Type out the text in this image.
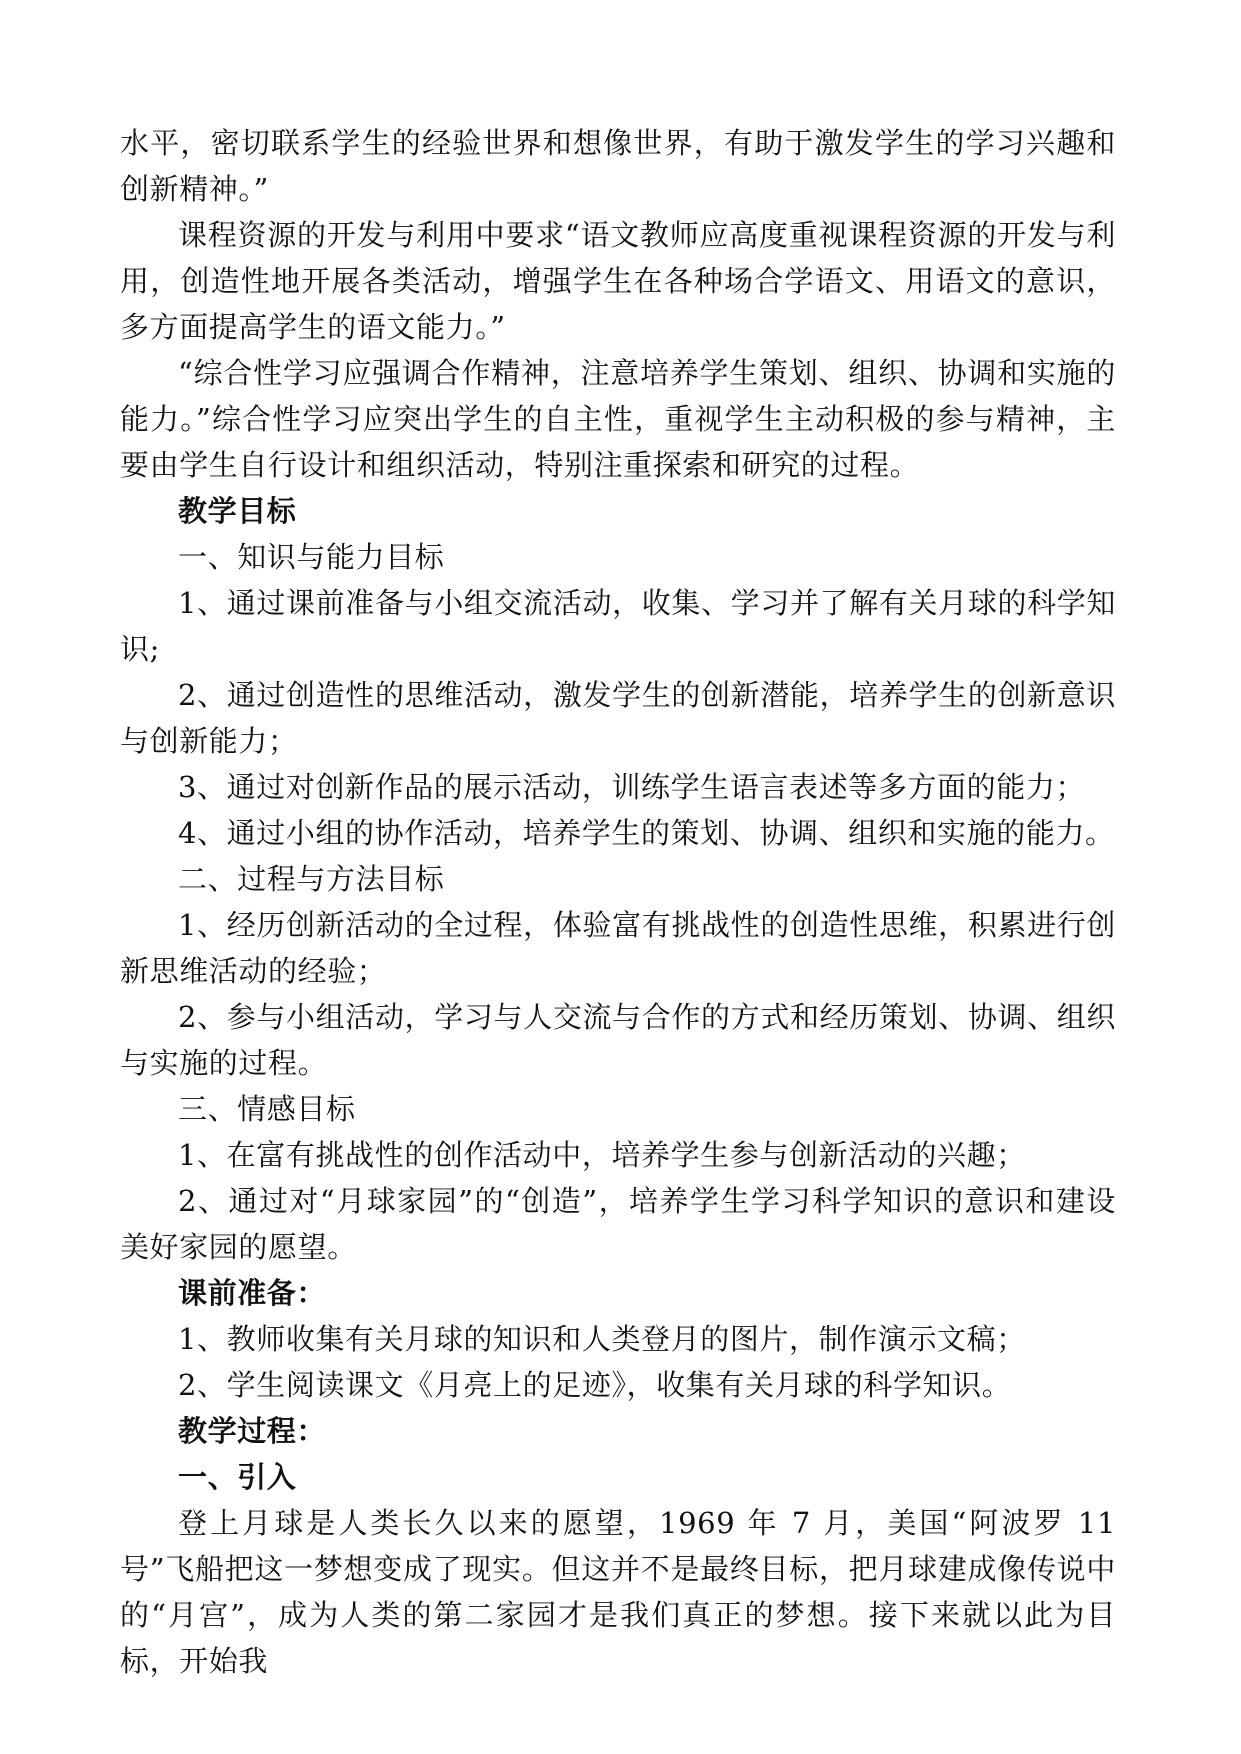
水平，密切联系学生的经验世界和想像世界，有助于激发学生的学习兴趣和创新精神。”

课程资源的开发与利用中要求“语文教师应高度重视课程资源的开发与利用，创造性地开展各类活动，增强学生在各种场合学语文、用语文的意识，多方面提高学生的语文能力。”

“综合性学习应强调合作精神，注意培养学生策划、组织、协调和实施的能力。”综合性学习应突出学生的自主性，重视学生主动积极的参与精神，主要由学生自行设计和组织活动，特别注重探索和研究的过程。

教学目标

一、知识与能力目标

1、通过课前准备与小组交流活动，收集、学习并了解有关月球的科学知识;

2、通过创造性的思维活动，激发学生的创新潜能，培养学生的创新意识与创新能力；

3、通过对创新作品的展示活动，训练学生语言表述等多方面的能力；

4、通过小组的协作活动，培养学生的策划、协调、组织和实施的能力。

二、过程与方法目标

1、经历创新活动的全过程，体验富有挑战性的创造性思维，积累进行创新思维活动的经验；

2、参与小组活动，学习与人交流与合作的方式和经历策划、协调、组织与实施的过程。

三、情感目标

1、在富有挑战性的创作活动中，培养学生参与创新活动的兴趣；

2、通过对“月球家园”的“创造”，培养学生学习科学知识的意识和建设美好家园的愿望。

课前准备：

1、教师收集有关月球的知识和人类登月的图片，制作演示文稿；

2、学生阅读课文《月亮上的足迹》，收集有关月球的科学知识。

教学过程：

一、引入

登上月球是人类长久以来的愿望，1969 年 7 月，美国“阿波罗 11 号”飞船把这一梦想变成了现实。但这并不是最终目标，把月球建成像传说中的“月宫”，成为人类的第二家园才是我们真正的梦想。接下来就以此为目标，开始我
